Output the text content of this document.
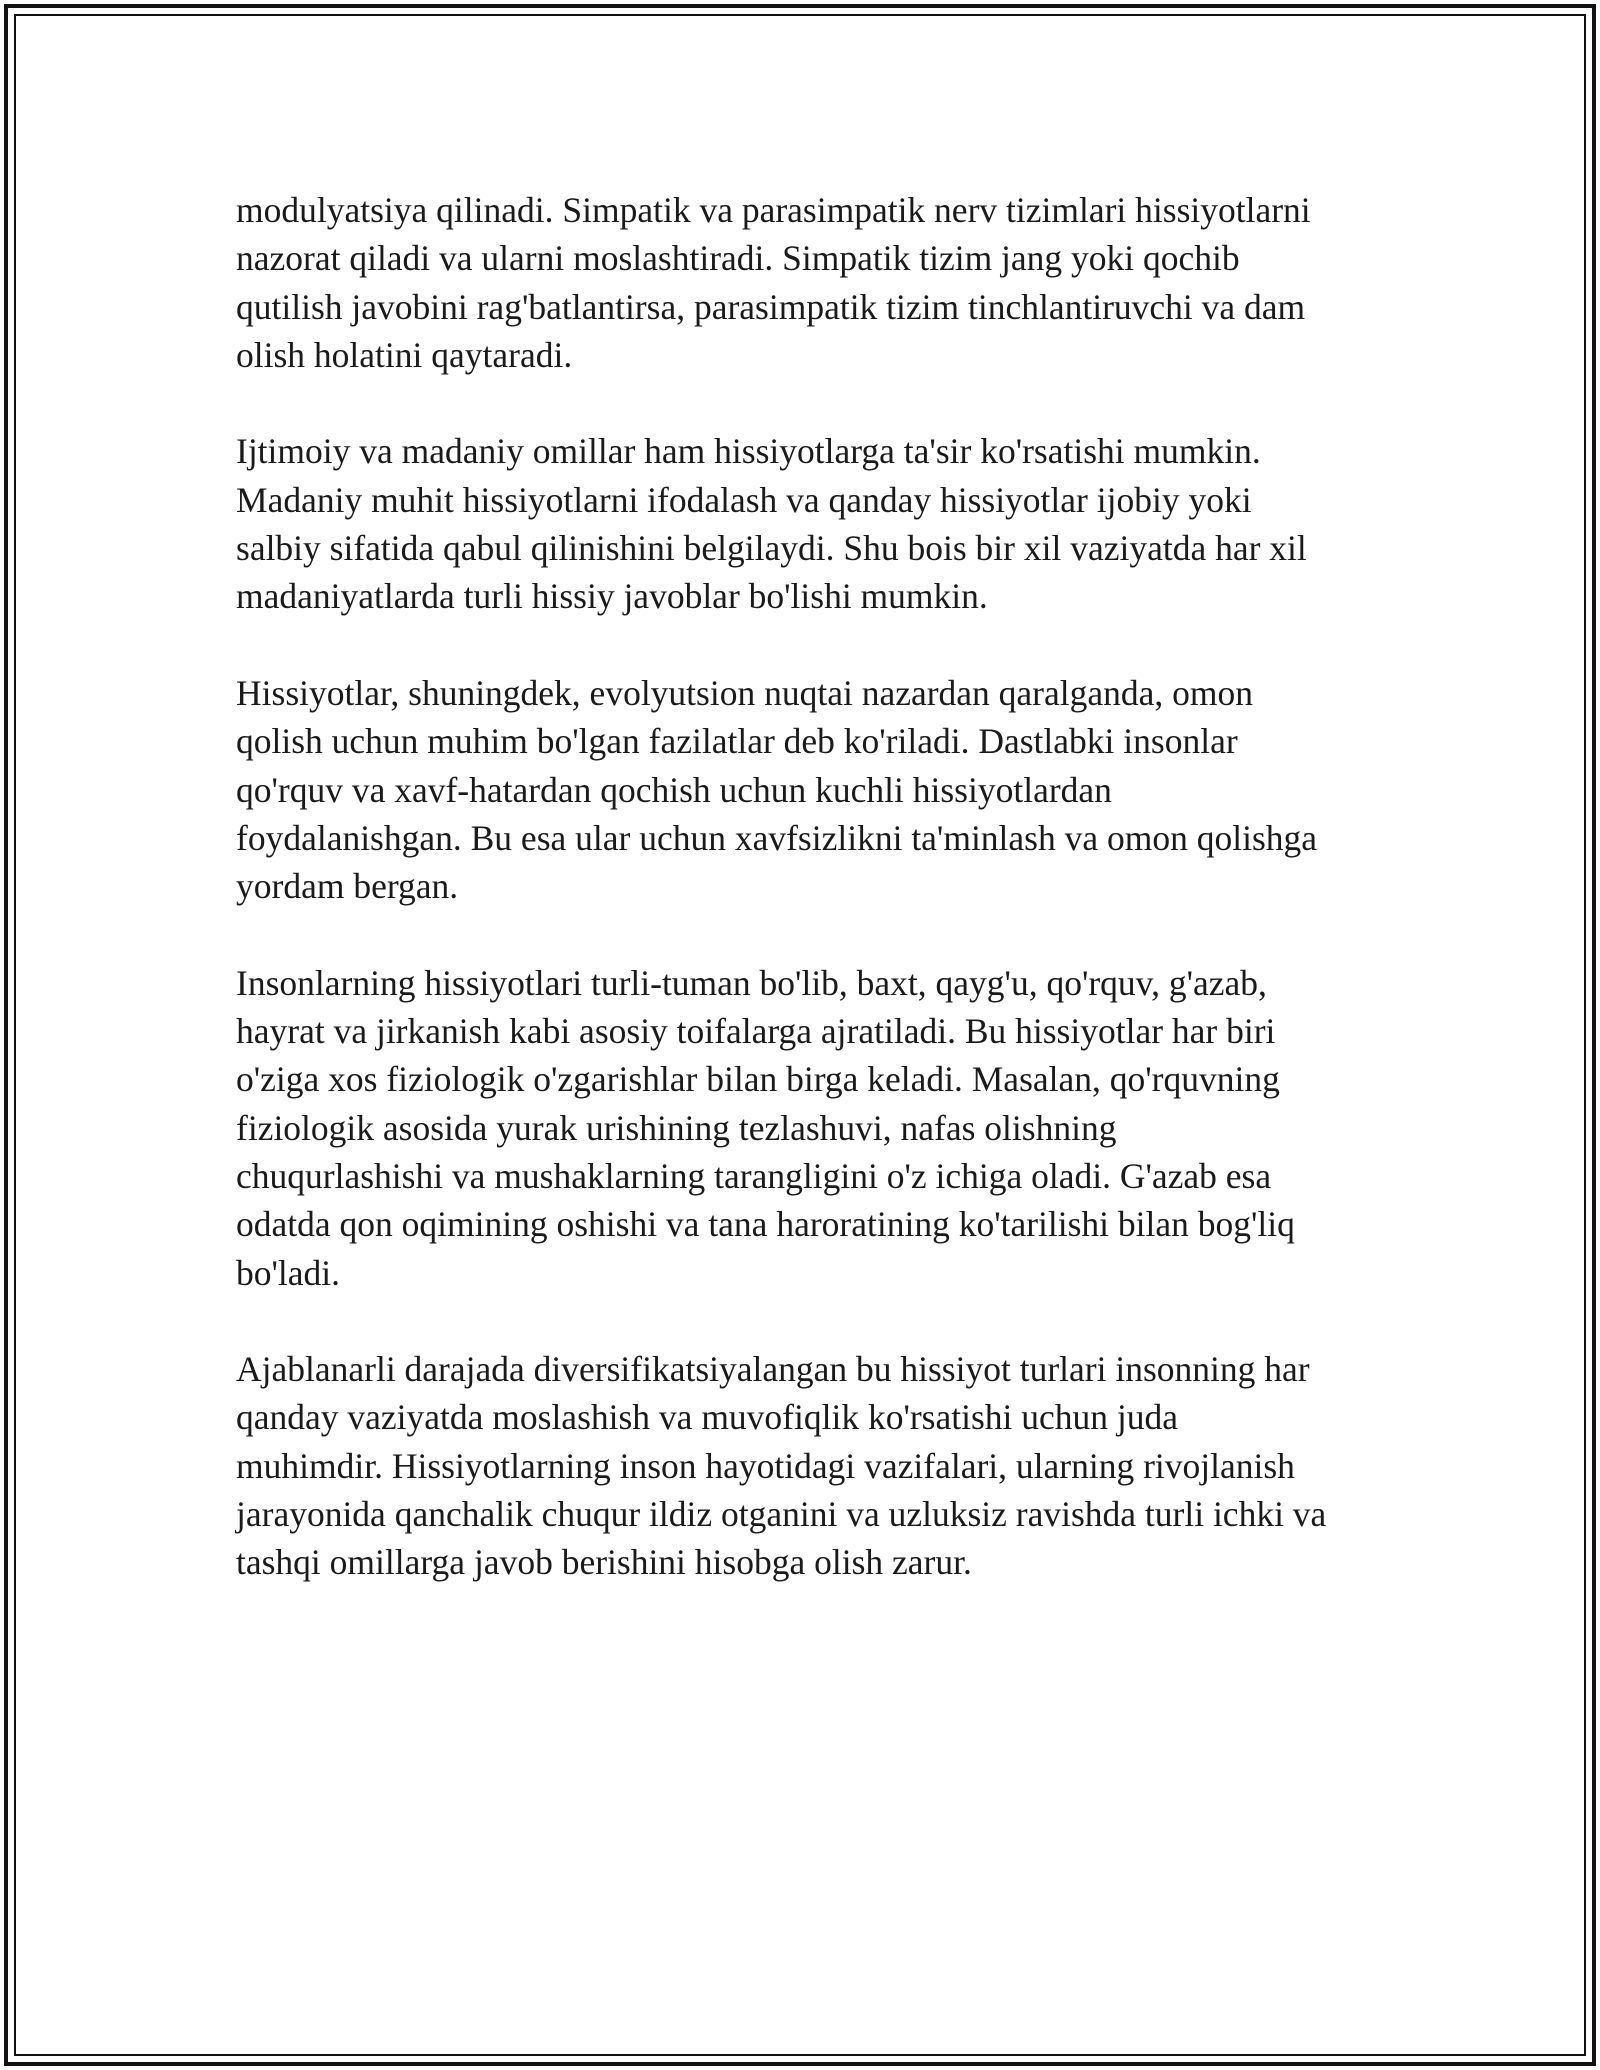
modulyatsiya qilinadi. Simpatik va parasimpatik nerv tizimlari hissiyotlarni
nazorat qiladi va ularni moslashtiradi. Simpatik tizim jang yoki qochib
qutilish javobini rag'batlantirsa, parasimpatik tizim tinchlantiruvchi va dam
olish holatini qaytaradi.

Ijtimoiy va madaniy omillar ham hissiyotlarga ta'sir ko'rsatishi mumkin.
Madaniy muhit hissiyotlarni ifodalash va qanday hissiyotlar ijobiy yoki
salbiy sifatida qabul qilinishini belgilaydi. Shu bois bir xil vaziyatda har xil
madaniyatlarda turli hissiy javoblar bo'lishi mumkin.

Hissiyotlar, shuningdek, evolyutsion nuqtai nazardan qaralganda, omon
qolish uchun muhim bo'lgan fazilatlar deb ko'riladi. Dastlabki insonlar
qo'rquv va xavf-hatardan qochish uchun kuchli hissiyotlardan
foydalanishgan. Bu esa ular uchun xavfsizlikni ta'minlash va omon qolishga
yordam bergan.

Insonlarning hissiyotlari turli-tuman bo'lib, baxt, qayg'u, qo'rquv, g'azab,
hayrat va jirkanish kabi asosiy toifalarga ajratiladi. Bu hissiyotlar har biri
o'ziga xos fiziologik o'zgarishlar bilan birga keladi. Masalan, qo'rquvning
fiziologik asosida yurak urishining tezlashuvi, nafas olishning
chuqurlashishi va mushaklarning tarangligini o'z ichiga oladi. G'azab esa
odatda qon oqimining oshishi va tana haroratining ko'tarilishi bilan bog'liq
bo'ladi.

Ajablanarli darajada diversifikatsiyalangan bu hissiyot turlari insonning har
qanday vaziyatda moslashish va muvofiqlik ko'rsatishi uchun juda
muhimdir. Hissiyotlarning inson hayotidagi vazifalari, ularning rivojlanish
jarayonida qanchalik chuqur ildiz otganini va uzluksiz ravishda turli ichki va
tashqi omillarga javob berishini hisobga olish zarur.
